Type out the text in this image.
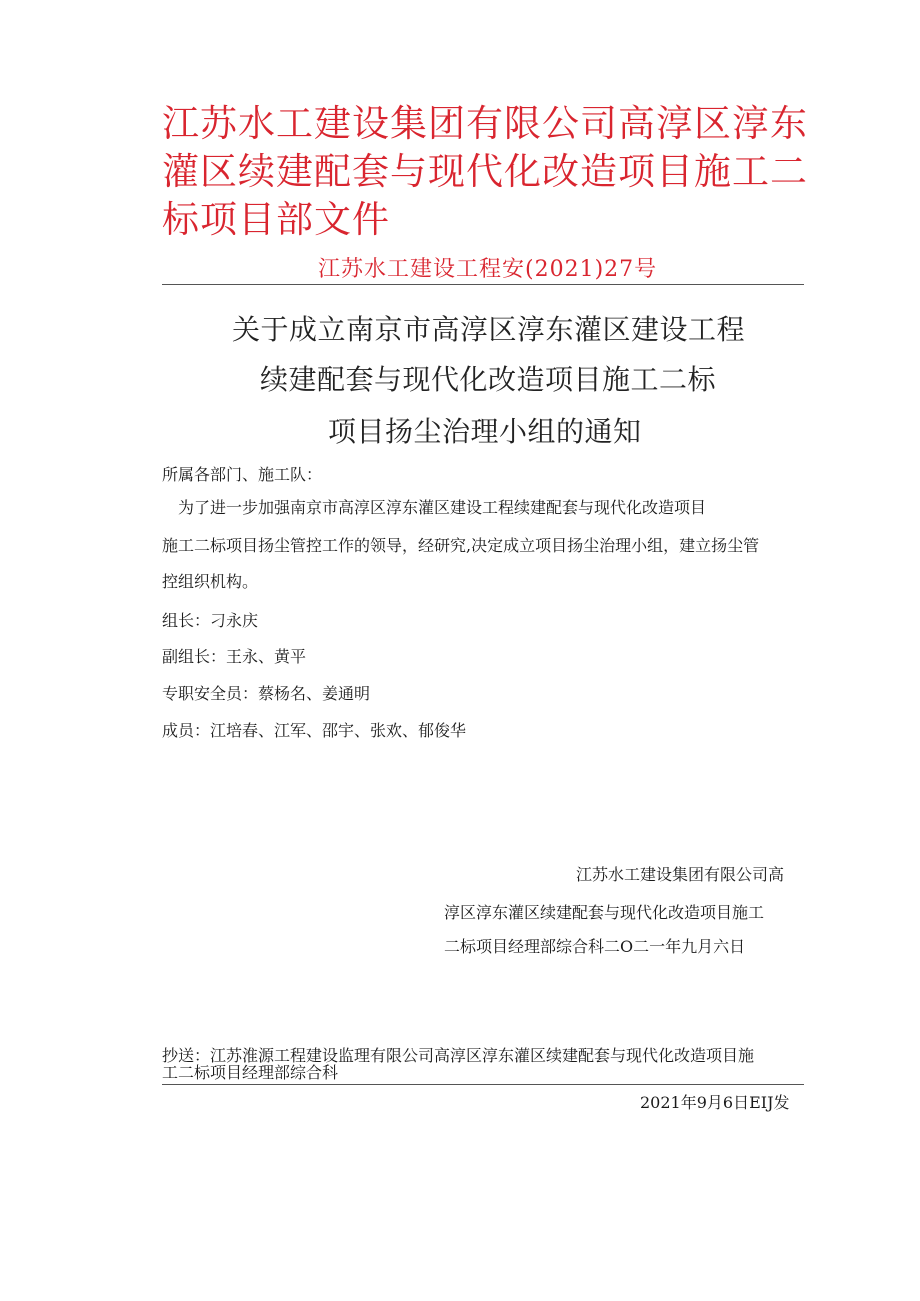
江苏水工建设集团有限公司高淳区淳东灌区续建配套与现代化改造项目施工二标项目部文件
江苏水工建设工程安(2021)27号
关于成立南京市高淳区淳东灌区建设工程
续建配套与现代化改造项目施工二标
项目扬尘治理小组的通知
所属各部门、施工队：
为了进一步加强南京市高淳区淳东灌区建设工程续建配套与现代化改造项目
施工二标项目扬尘管控工作的领导，经研究,决定成立项目扬尘治理小组，建立扬尘管
控组织机构。
组长：刁永庆
副组长：王永、黄平
专职安全员：蔡杨名、姜通明
成员：江培春、江军、邵宇、张欢、郁俊华
江苏水工建设集团有限公司高
淳区淳东灌区续建配套与现代化改造项目施工
二标项目经理部综合科二O二一年九月六日
抄送：江苏淮源工程建设监理有限公司高淳区淳东灌区续建配套与现代化改造项目施
工二标项目经理部综合科
2021年9月6日EIJ发
